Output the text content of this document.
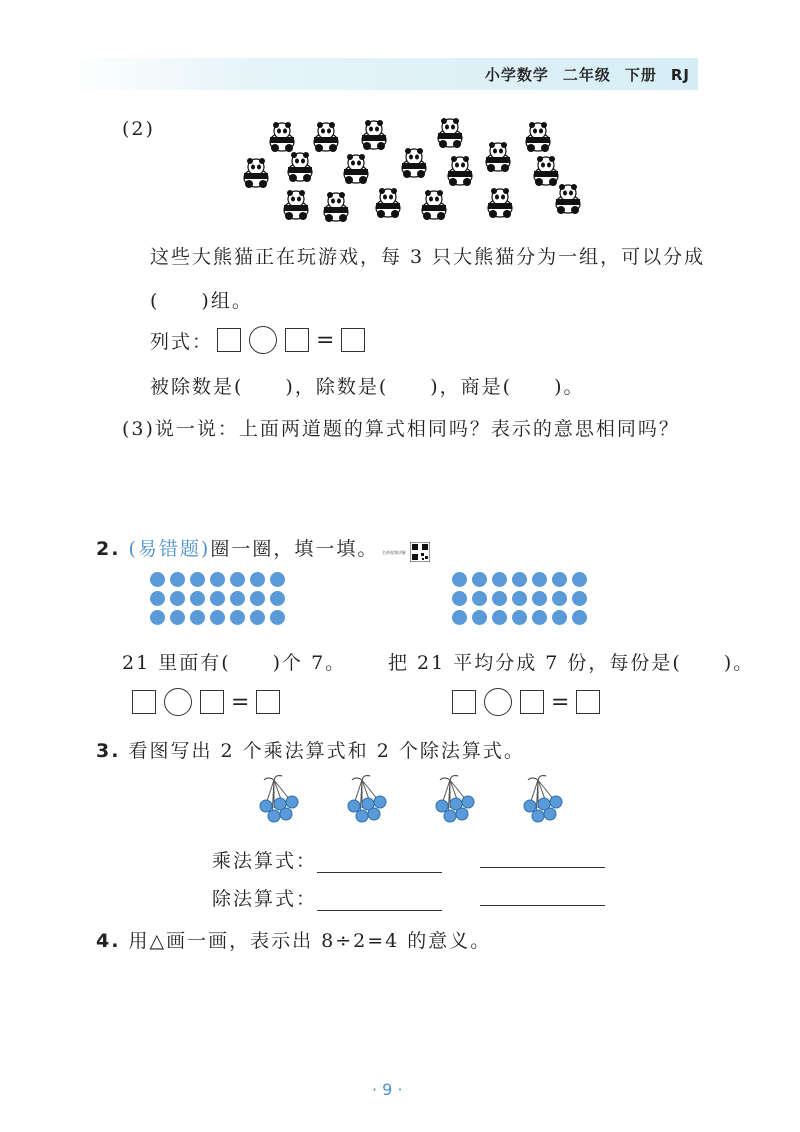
小学数学 二年级 下册 RJ
(2)
这些大熊猫正在玩游戏，每 3 只大熊猫分为一组，可以分成
(　　)组。
列式：	=
被除数是(　　)，除数是(　　)，商是(　　)。
(3)说一说：上面两道题的算式相同吗？表示的意思相同吗？
2. (易错题)圈一圈，填一填。 名师视频讲解
21 里面有(　　)个 7。 把 21 平均分成 7 份，每份是(　　)。
=	=
3. 看图写出 2 个乘法算式和 2 个除法算式。
乘法算式：
除法算式：
4. 用△画一画，表示出 8÷2=4 的意义。
· 9 ·
